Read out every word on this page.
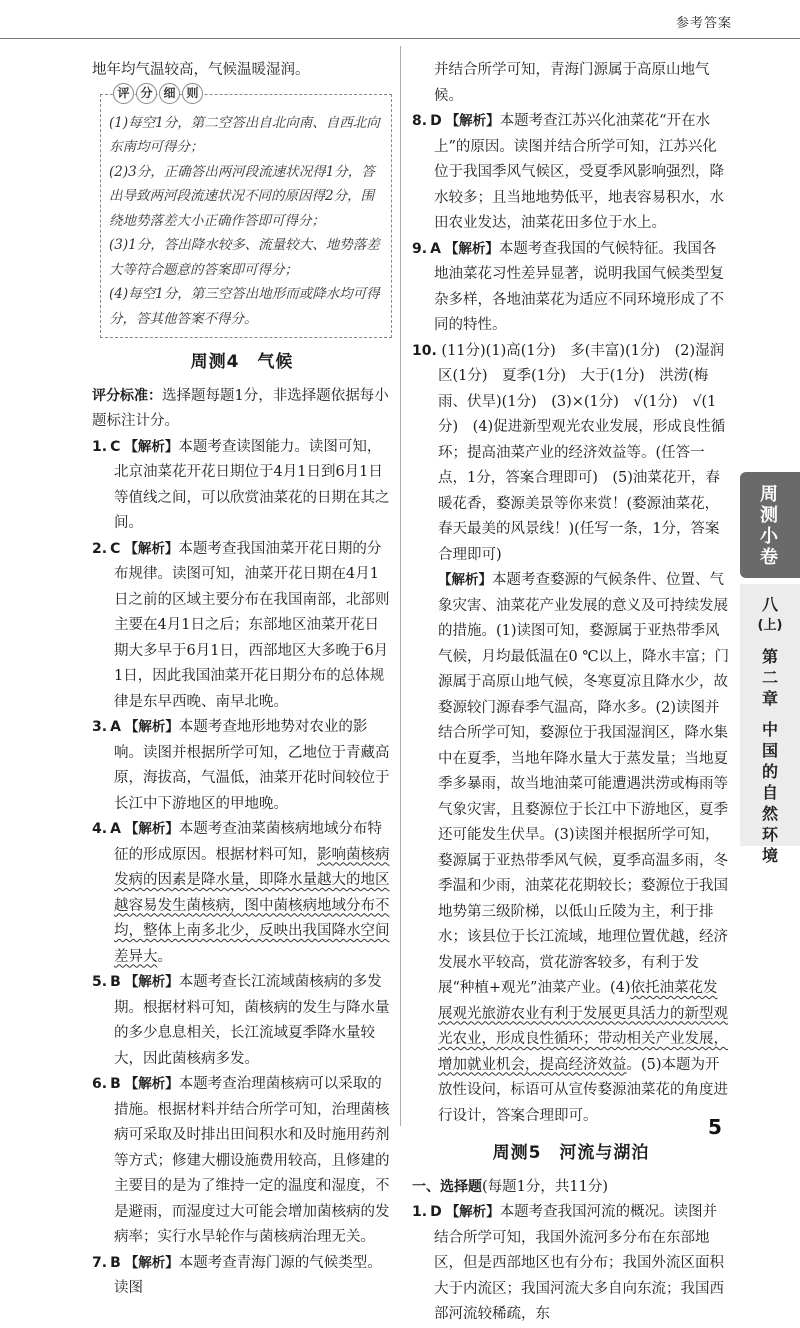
参考答案

地年均气温较高，气候温暖湿润。

评 分 细 则

(1)每空1分，第二空答出自北向南、自西北向东南均可得分；

(2)3分，正确答出两河段流速状况得1分，答出导致两河段流速状况不同的原因得2分，围绕地势落差大小正确作答即可得分；

(3)1分，答出降水较多、流量较大、地势落差大等符合题意的答案即可得分；

(4)每空1分，第三空答出地形而或降水均可得分，答其他答案不得分。

周测4　气候

评分标准：选择题每题1分，非选择题依据每小题标注计分。

1. C 【解析】本题考查读图能力。读图可知，北京油菜花开花日期位于4月1日到6月1日等值线之间，可以欣赏油菜花的日期在其之间。

2. C 【解析】本题考查我国油菜开花日期的分布规律。读图可知，油菜开花日期在4月1日之前的区域主要分布在我国南部，北部则主要在4月1日之后；东部地区油菜开花日期大多早于6月1日，西部地区大多晚于6月1日，因此我国油菜开花日期分布的总体规律是东早西晚、南早北晚。

3. A 【解析】本题考查地形地势对农业的影响。读图并根据所学可知，乙地位于青藏高原，海拔高，气温低，油菜开花时间较位于长江中下游地区的甲地晚。

4. A 【解析】本题考查油菜菌核病地域分布特征的形成原因。根据材料可知，影响菌核病发病的因素是降水量，即降水量越大的地区越容易发生菌核病，图中菌核病地域分布不均，整体上南多北少，反映出我国降水空间差异大。

5. B 【解析】本题考查长江流域菌核病的多发期。根据材料可知，菌核病的发生与降水量的多少息息相关，长江流域夏季降水量较大，因此菌核病多发。

6. B 【解析】本题考查治理菌核病可以采取的措施。根据材料并结合所学可知，治理菌核病可采取及时排出田间积水和及时施用药剂等方式；修建大棚设施费用较高，且修建的主要目的是为了维持一定的温度和湿度，不是避雨，而湿度过大可能会增加菌核病的发病率；实行水旱轮作与菌核病治理无关。

7. B 【解析】本题考查青海门源的气候类型。读图

并结合所学可知，青海门源属于高原山地气候。

8. D 【解析】本题考查江苏兴化油菜花“开在水上”的原因。读图并结合所学可知，江苏兴化位于我国季风气候区，受夏季风影响强烈，降水较多；且当地地势低平，地表容易积水，水田农业发达，油菜花田多位于水上。

9. A 【解析】本题考查我国的气候特征。我国各地油菜花习性差异显著，说明我国气候类型复杂多样，各地油菜花为适应不同环境形成了不同的特性。

10. (11分)(1)高(1分)　多(丰富)(1分)　(2)湿润区(1分)　夏季(1分)　大于(1分)　洪涝(梅雨、伏旱)(1分)　(3)×(1分)　√(1分)　√(1分)　(4)促进新型观光农业发展，形成良性循环；提高油菜产业的经济效益等。(任答一点，1分，答案合理即可)　(5)油菜花开，春暖花香，婺源美景等你来赏！(婺源油菜花，春天最美的风景线！)(任写一条，1分，答案合理即可)

【解析】本题考查婺源的气候条件、位置、气象灾害、油菜花产业发展的意义及可持续发展的措施。(1)读图可知，婺源属于亚热带季风气候，月均最低温在0 ℃以上，降水丰富；门源属于高原山地气候，冬寒夏凉且降水少，故婺源较门源春季气温高，降水多。(2)读图并结合所学可知，婺源位于我国湿润区，降水集中在夏季，当地年降水量大于蒸发量；当地夏季多暴雨，故当地油菜可能遭遇洪涝或梅雨等气象灾害，且婺源位于长江中下游地区，夏季还可能发生伏旱。(3)读图并根据所学可知，婺源属于亚热带季风气候，夏季高温多雨，冬季温和少雨，油菜花花期较长；婺源位于我国地势第三级阶梯，以低山丘陵为主，利于排水；该县位于长江流域，地理位置优越，经济发展水平较高，赏花游客较多，有利于发展“种植+观光”油菜产业。(4)依托油菜花发展观光旅游农业有利于发展更具活力的新型观光农业，形成良性循环；带动相关产业发展，增加就业机会，提高经济效益。(5)本题为开放性设问，标语可从宣传婺源油菜花的角度进行设计，答案合理即可。

周测5　河流与湖泊

一、选择题(每题1分，共11分)

1. D 【解析】本题考查我国河流的概况。读图并结合所学可知，我国外流河多分布在东部地区，但是西部地区也有分布；我国外流区面积大于内流区；我国河流大多自向东流；我国西部河流较稀疏，东

周
测
小
卷
八
(上)
第
二
章
中
国
的
自
然
环
境
5
